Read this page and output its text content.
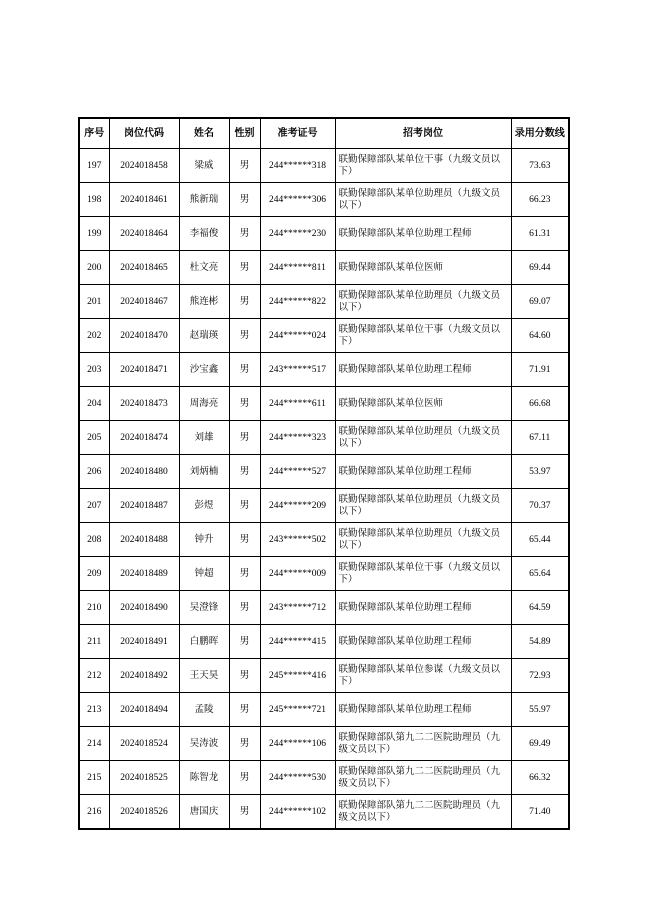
序号	岗位代码	姓名	性别	准考证号	招考岗位	录用分数线
197	2024018458	梁威	男	244******318	联勤保障部队某单位干事（九级文员以下）	73.63
198	2024018461	熊新瑞	男	244******306	联勤保障部队某单位助理员（九级文员以下）	66.23
199	2024018464	李福俊	男	244******230	联勤保障部队某单位助理工程师	61.31
200	2024018465	杜文亮	男	244******811	联勤保障部队某单位医师	69.44
201	2024018467	熊连彬	男	244******822	联勤保障部队某单位助理员（九级文员以下）	69.07
202	2024018470	赵瑞瑛	男	244******024	联勤保障部队某单位干事（九级文员以下）	64.60
203	2024018471	沙宝鑫	男	243******517	联勤保障部队某单位助理工程师	71.91
204	2024018473	周海亮	男	244******611	联勤保障部队某单位医师	66.68
205	2024018474	刘雄	男	244******323	联勤保障部队某单位助理员（九级文员以下）	67.11
206	2024018480	刘炳楠	男	244******527	联勤保障部队某单位助理工程师	53.97
207	2024018487	彭煜	男	244******209	联勤保障部队某单位助理员（九级文员以下）	70.37
208	2024018488	钟升	男	243******502	联勤保障部队某单位助理员（九级文员以下）	65.44
209	2024018489	钟超	男	244******009	联勤保障部队某单位干事（九级文员以下）	65.64
210	2024018490	吴澄锋	男	243******712	联勤保障部队某单位助理工程师	64.59
211	2024018491	白鹏晖	男	244******415	联勤保障部队某单位助理工程师	54.89
212	2024018492	王天昊	男	245******416	联勤保障部队某单位参谋（九级文员以下）	72.93
213	2024018494	孟陵	男	245******721	联勤保障部队某单位助理工程师	55.97
214	2024018524	吴涛波	男	244******106	联勤保障部队第九二二医院助理员（九级文员以下）	69.49
215	2024018525	陈智龙	男	244******530	联勤保障部队第九二二医院助理员（九级文员以下）	66.32
216	2024018526	唐国庆	男	244******102	联勤保障部队第九二二医院助理员（九级文员以下）	71.40
